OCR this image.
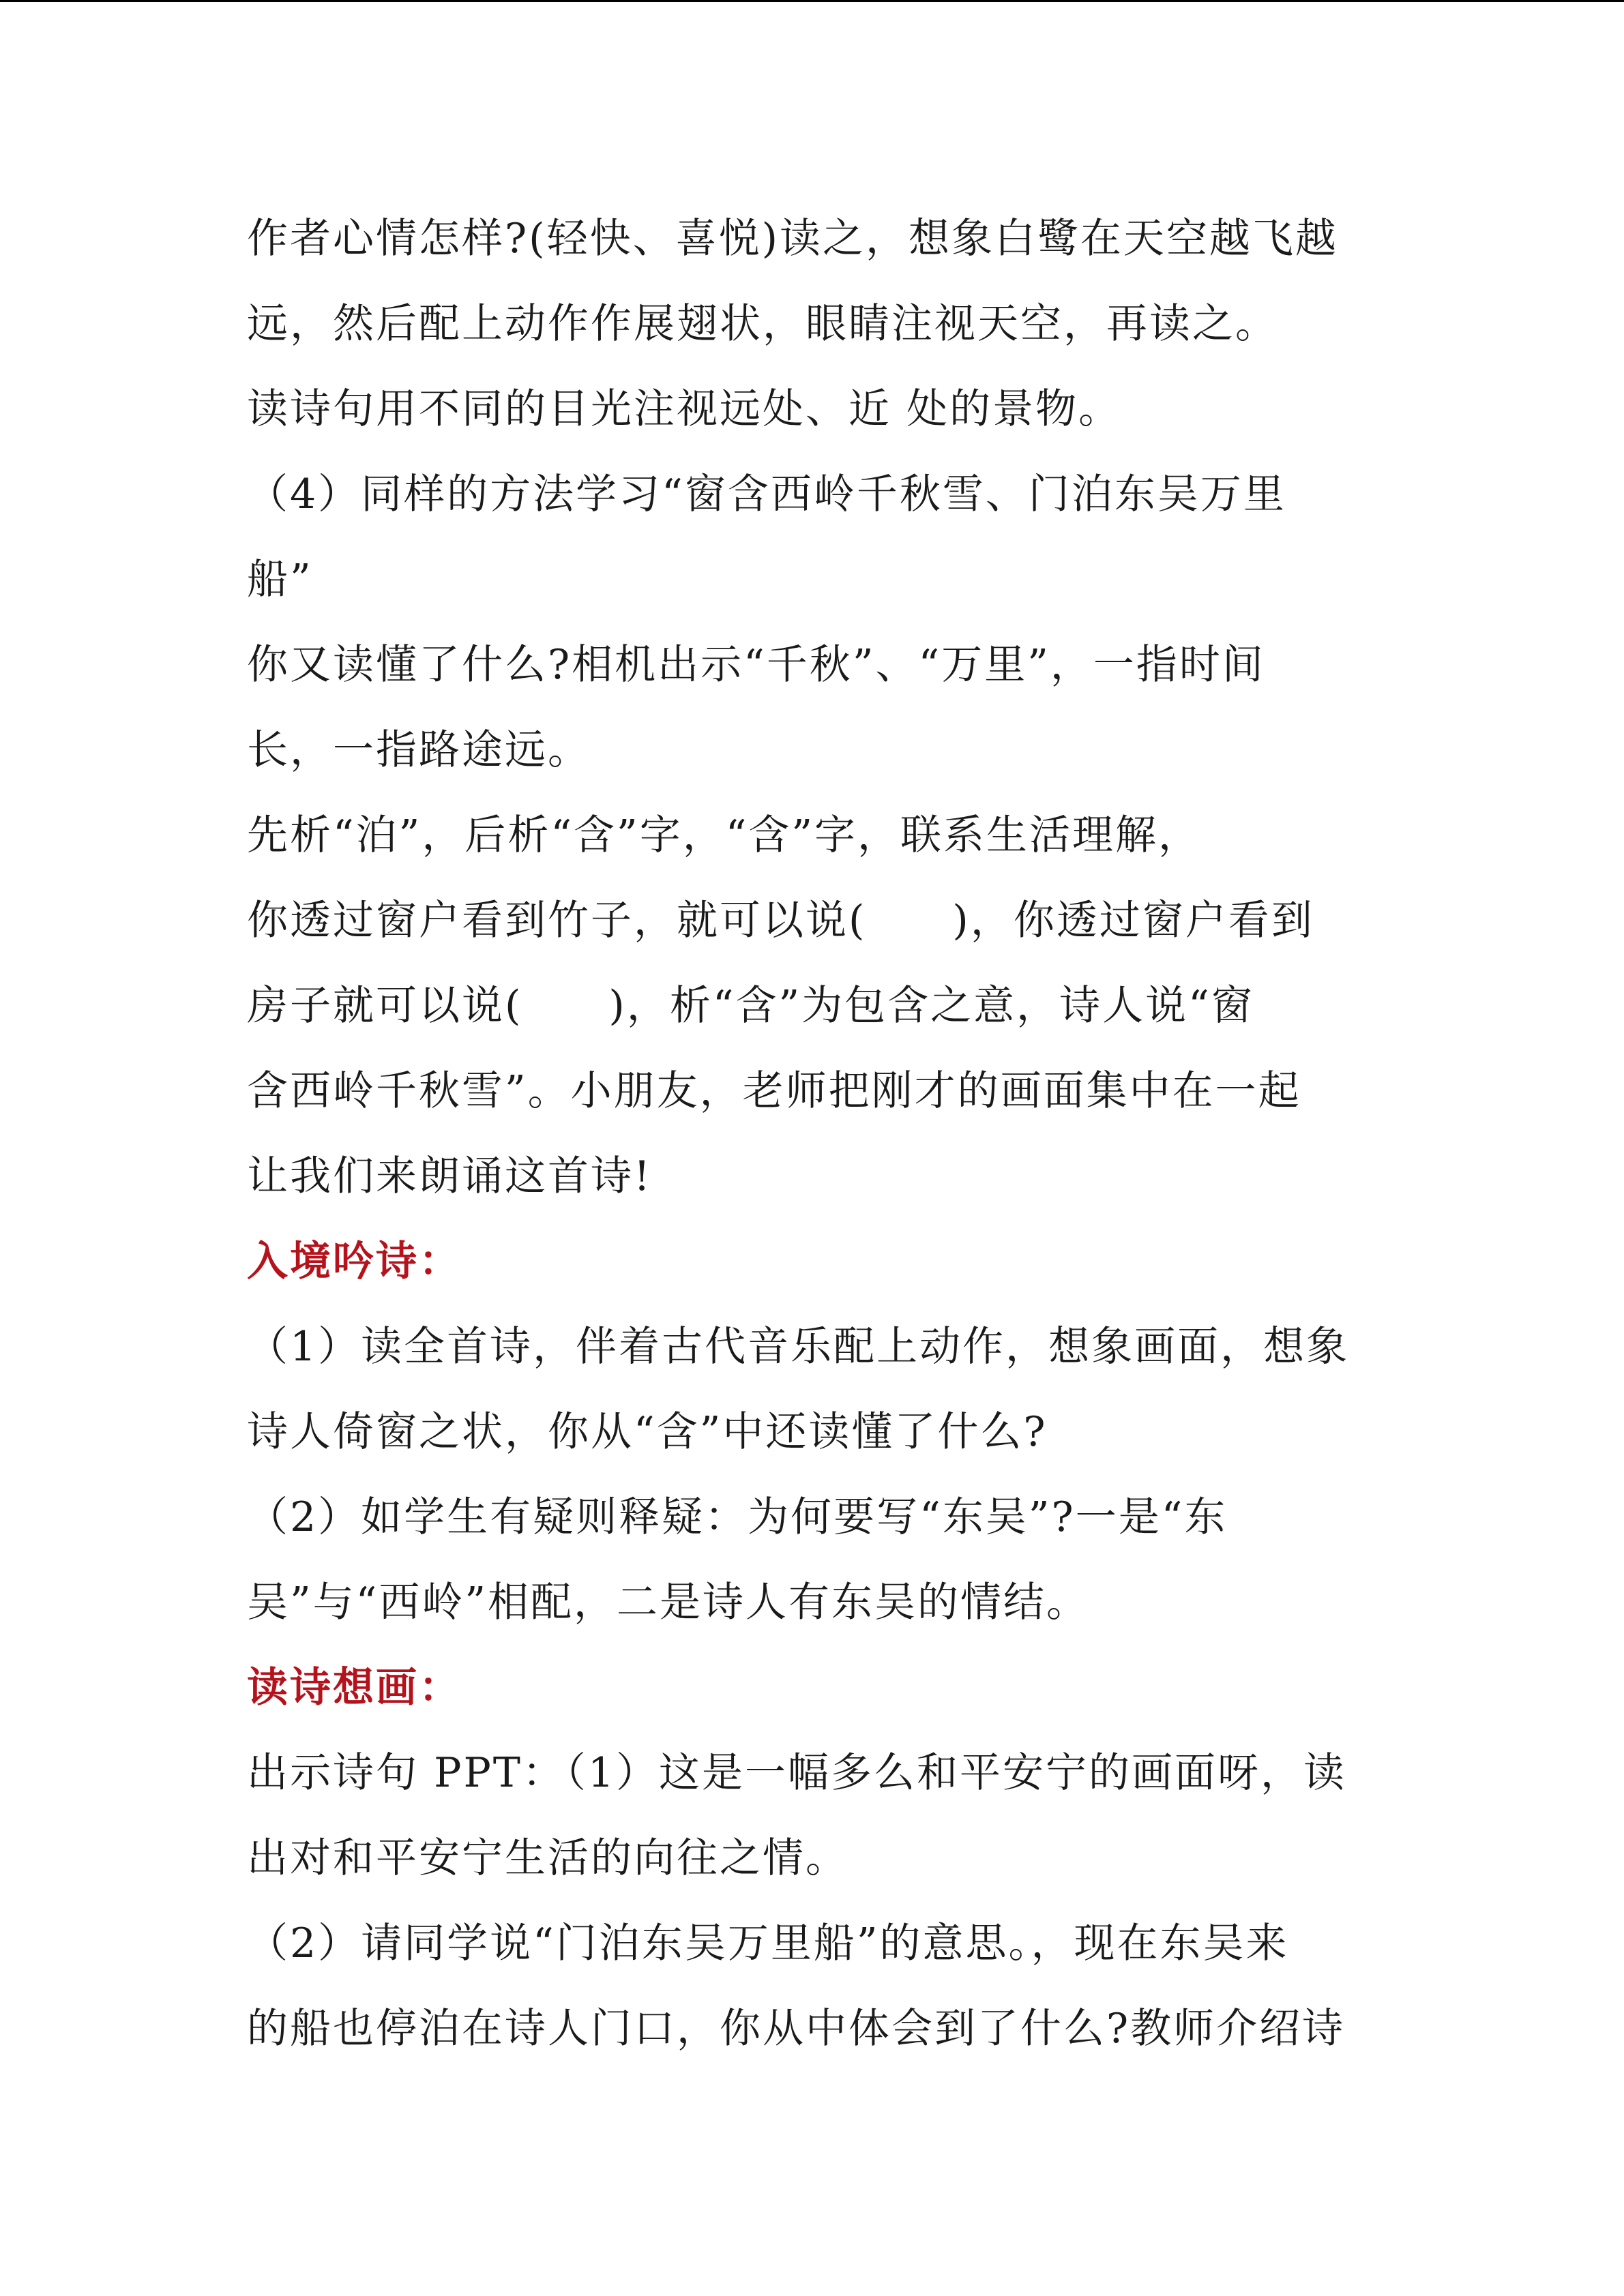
作者心情怎样?(轻快、喜悦)读之，想象白鹭在天空越飞越
远，然后配上动作作展翅状，眼睛注视天空，再读之。
读诗句用不同的目光注视远处、近 处的景物。
（4）同样的方法学习“窗含西岭千秋雪、门泊东吴万里
船”
你又读懂了什么?相机出示“千秋”、“万里”，一指时间
长，一指路途远。
先析“泊”，后析“含”字，“含”字，联系生活理解，
你透过窗户看到竹子，就可以说(　　)，你透过窗户看到
房子就可以说(　　)，析“含”为包含之意，诗人说“窗
含西岭千秋雪”。小朋友，老师把刚才的画面集中在一起
让我们来朗诵这首诗!
入境吟诗：
（1）读全首诗，伴着古代音乐配上动作，想象画面，想象
诗人倚窗之状，你从“含”中还读懂了什么?
（2）如学生有疑则释疑：为何要写“东吴”?一是“东
吴”与“西岭”相配，二是诗人有东吴的情结。
读诗想画：
出示诗句 PPT：（1）这是一幅多么和平安宁的画面呀，读
出对和平安宁生活的向往之情。
（2）请同学说“门泊东吴万里船”的意思。，现在东吴来
的船也停泊在诗人门口，你从中体会到了什么?教师介绍诗
